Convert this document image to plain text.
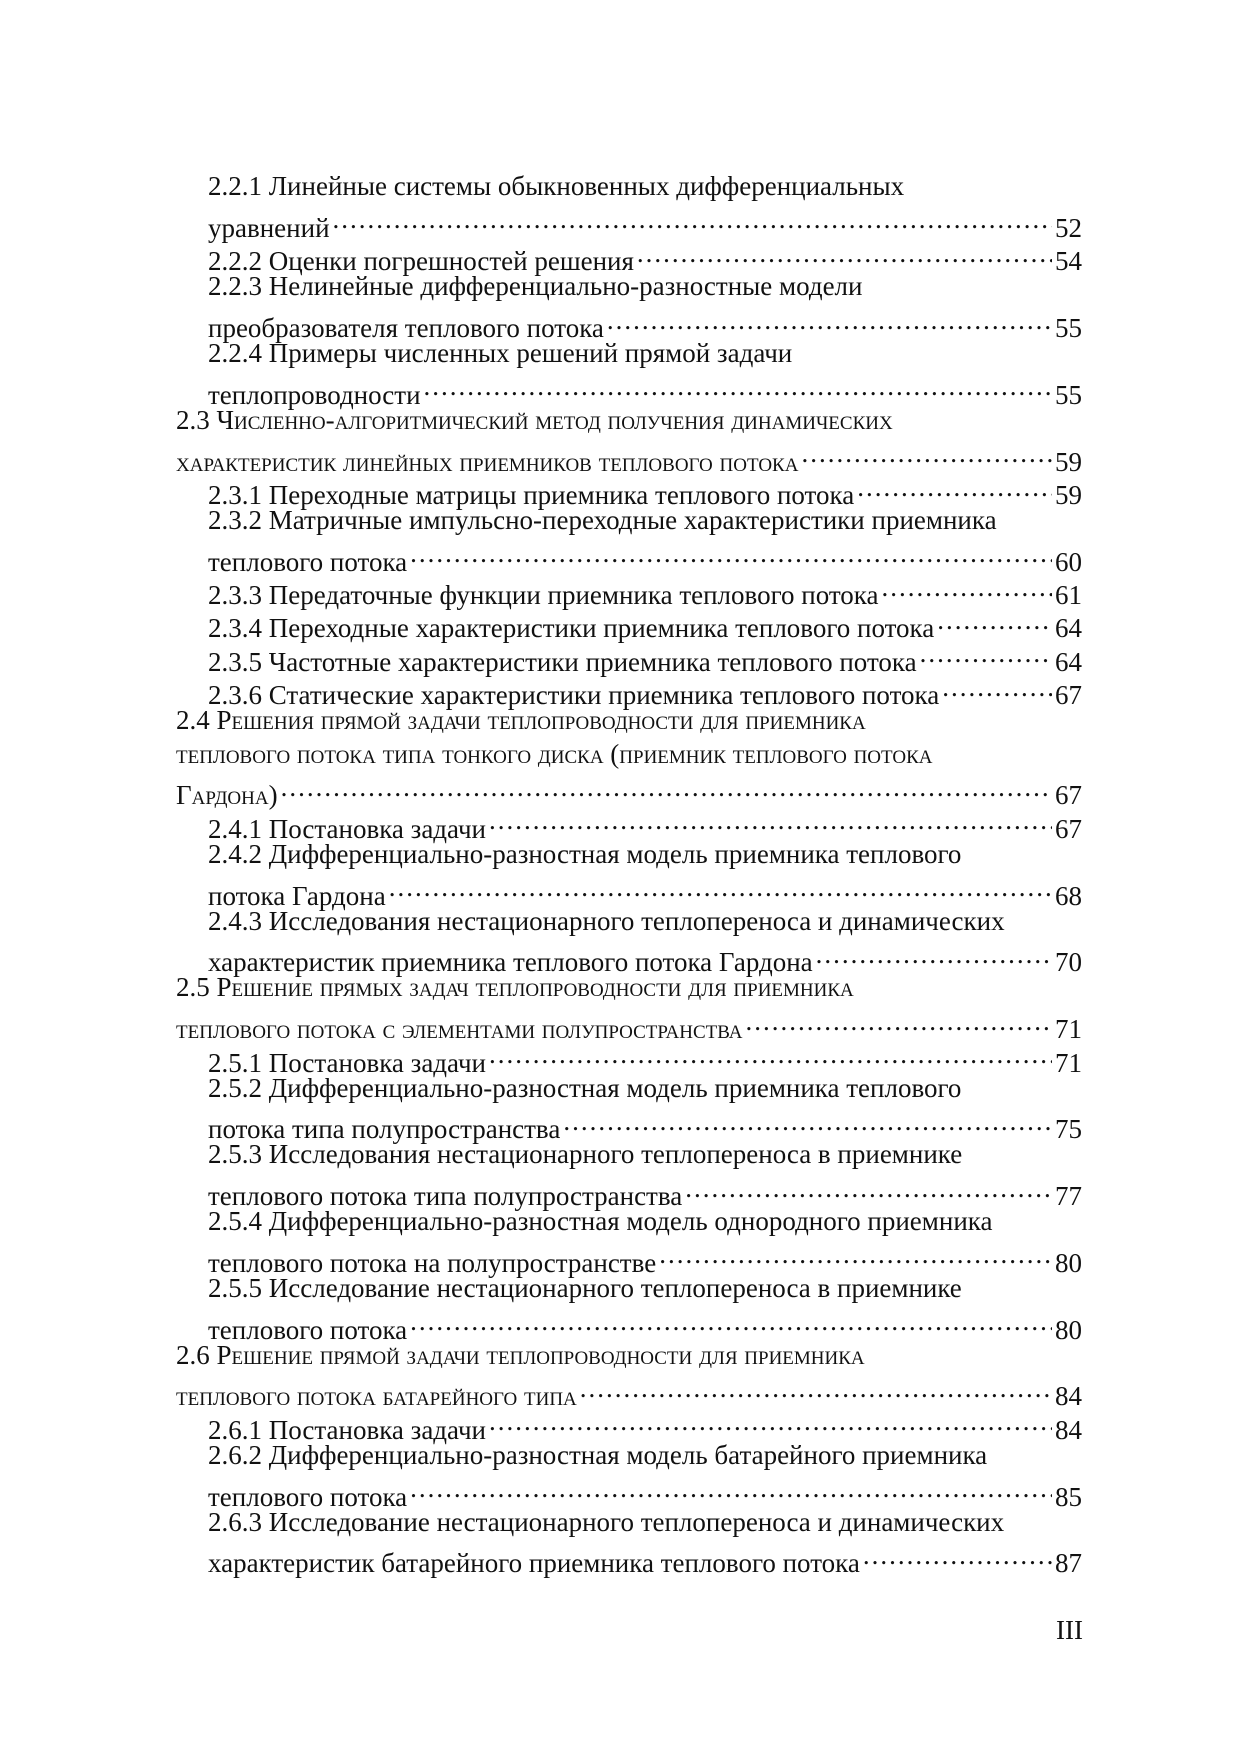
2.2.1 Линейные системы обыкновенных дифференциальных
уравнений .....	52
2.2.2 Оценки погрешностей решения .....	54
2.2.3 Нелинейные дифференциально-разностные модели
преобразователя теплового потока .....	55
2.2.4 Примеры численных решений прямой задачи
теплопроводности .....	55
2.3 Численно-алгоритмический метод получения динамических
характеристик линейных приемников теплового потока .....	59
2.3.1 Переходные матрицы приемника теплового потока .....	59
2.3.2 Матричные импульсно-переходные характеристики приемника
теплового потока .....	60
2.3.3 Передаточные функции приемника теплового потока .....	61
2.3.4 Переходные характеристики приемника теплового потока .....	64
2.3.5 Частотные характеристики приемника теплового потока .....	64
2.3.6 Статические характеристики приемника теплового потока .....	67
2.4 Решения прямой задачи теплопроводности для приемника
теплового потока типа тонкого диска (приемник теплового потока
Гардона) .....	67
2.4.1 Постановка задачи .....	67
2.4.2 Дифференциально-разностная модель приемника теплового
потока Гардона .....	68
2.4.3 Исследования нестационарного теплопереноса и динамических
характеристик приемника теплового потока Гардона .....	70
2.5 Решение прямых задач теплопроводности для приемника
теплового потока с элементами полупространства .....	71
2.5.1 Постановка задачи .....	71
2.5.2 Дифференциально-разностная модель приемника теплового
потока типа полупространства .....	75
2.5.3 Исследования нестационарного теплопереноса в приемнике
теплового потока типа полупространства .....	77
2.5.4 Дифференциально-разностная модель однородного приемника
теплового потока на полупространстве .....	80
2.5.5 Исследование нестационарного теплопереноса в приемнике
теплового потока .....	80
2.6 Решение прямой задачи теплопроводности для приемника
теплового потока батарейного типа .....	84
2.6.1 Постановка задачи .....	84
2.6.2 Дифференциально-разностная модель батарейного приемника
теплового потока .....	85
2.6.3 Исследование нестационарного теплопереноса и динамических
характеристик батарейного приемника теплового потока .....	87
III
